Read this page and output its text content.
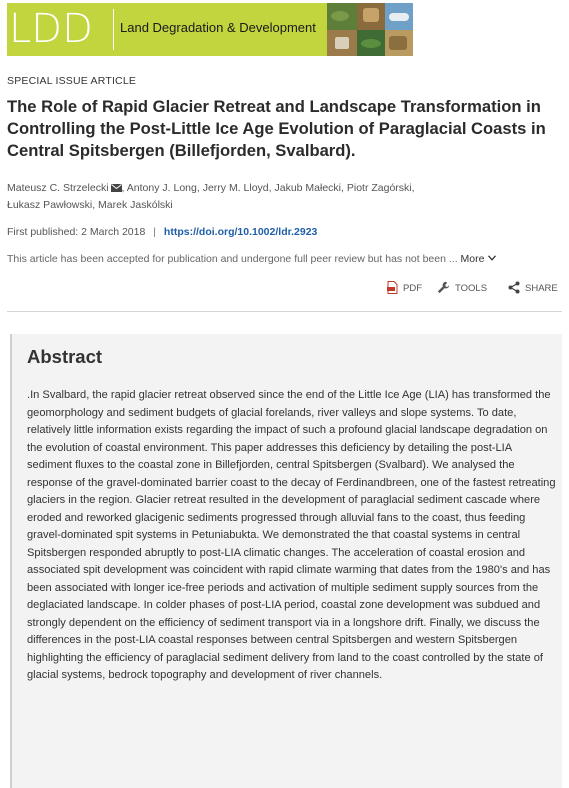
LDD Land Degradation & Development
SPECIAL ISSUE ARTICLE
The Role of Rapid Glacier Retreat and Landscape Transformation in Controlling the Post-Little Ice Age Evolution of Paraglacial Coasts in Central Spitsbergen (Billefjorden, Svalbard).
Mateusz C. Strzelecki , Antony J. Long, Jerry M. Lloyd, Jakub Małecki, Piotr Zagórski,
Łukasz Pawłowski, Marek Jaskólski
First published: 2 March 2018 | https://doi.org/10.1002/ldr.2923
This article has been accepted for publication and undergone full peer review but has not been ... More
PDF	TOOLS	SHARE
Abstract

.In Svalbard, the rapid glacier retreat observed since the end of the Little Ice Age (LIA) has transformed the geomorphology and sediment budgets of glacial forelands, river valleys and slope systems. To date, relatively little information exists regarding the impact of such a profound glacial landscape degradation on the evolution of coastal environment. This paper addresses this deficiency by detailing the post-LIA sediment fluxes to the coastal zone in Billefjorden, central Spitsbergen (Svalbard). We analysed the response of the gravel-dominated barrier coast to the decay of Ferdinandbreen, one of the fastest retreating glaciers in the region. Glacier retreat resulted in the development of paraglacial sediment cascade where eroded and reworked glacigenic sediments progressed through alluvial fans to the coast, thus feeding gravel-dominated spit systems in Petuniabukta. We demonstrated the that coastal systems in central Spitsbergen responded abruptly to post-LIA climatic changes. The acceleration of coastal erosion and associated spit development was coincident with rapid climate warming that dates from the 1980's and has been associated with longer ice-free periods and activation of multiple sediment supply sources from the deglaciated landscape. In colder phases of post-LIA period, coastal zone development was subdued and strongly dependent on the efficiency of sediment transport via in a longshore drift. Finally, we discuss the differences in the post-LIA coastal responses between central Spitsbergen and western Spitsbergen highlighting the efficiency of paraglacial sediment delivery from land to the coast controlled by the state of glacial systems, bedrock topography and development of river channels.
